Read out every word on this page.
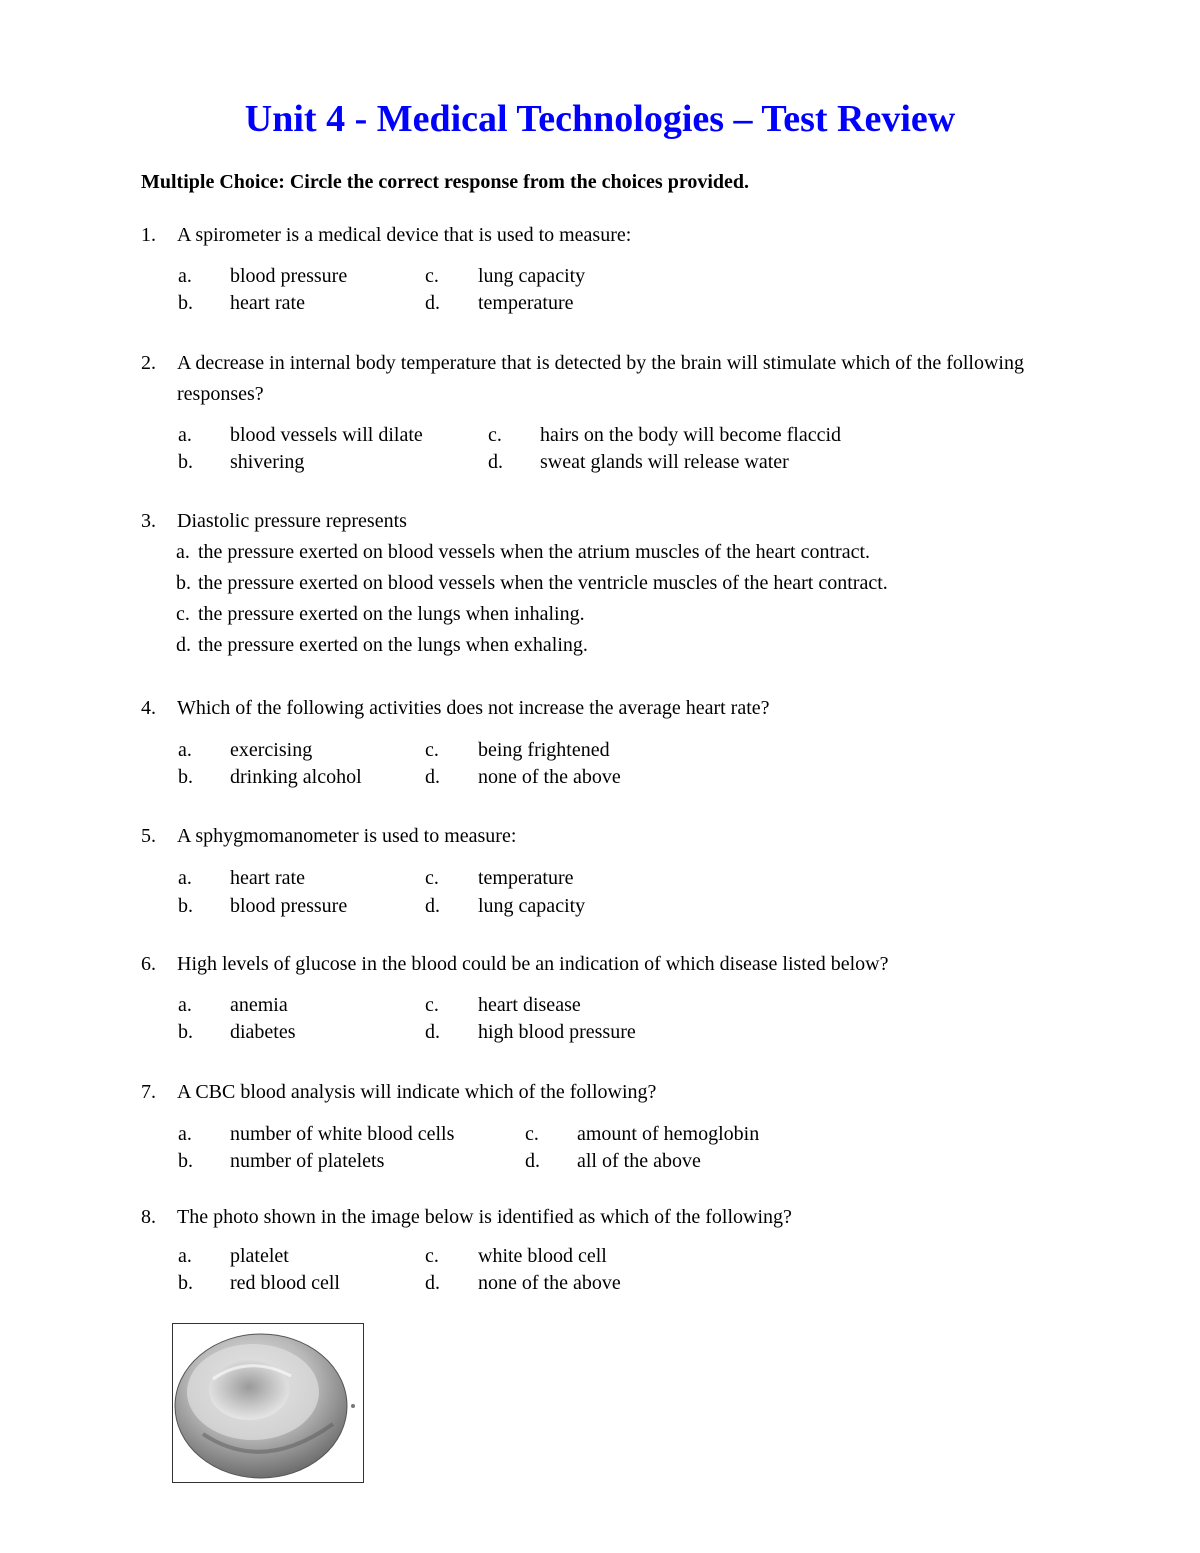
Unit 4 - Medical Technologies – Test Review
Multiple Choice: Circle the correct response from the choices provided.
1.	A spirometer is a medical device that is used to measure:
a. blood pressure
b. heart rate
c. lung capacity
d. temperature
2.	A decrease in internal body temperature that is detected by the brain will stimulate which of the following responses?
a. blood vessels will dilate
b. shivering
c. hairs on the body will become flaccid
d. sweat glands will release water
3.	Diastolic pressure represents
a. the pressure exerted on blood vessels when the atrium muscles of the heart contract.
b. the pressure exerted on blood vessels when the ventricle muscles of the heart contract.
c. the pressure exerted on the lungs when inhaling.
d. the pressure exerted on the lungs when exhaling.
4.	Which of the following activities does not increase the average heart rate?
a. exercising
b. drinking alcohol
c. being frightened
d. none of the above
5.	A sphygmomanometer is used to measure:
a. heart rate
b. blood pressure
c. temperature
d. lung capacity
6.	High levels of glucose in the blood could be an indication of which disease listed below?
a. anemia
b. diabetes
c. heart disease
d. high blood pressure
7.	A CBC blood analysis will indicate which of the following?
a. number of white blood cells
b. number of platelets
c. amount of hemoglobin
d. all of the above
8.	The photo shown in the image below is identified as which of the following?
a. platelet
b. red blood cell
c. white blood cell
d. none of the above
